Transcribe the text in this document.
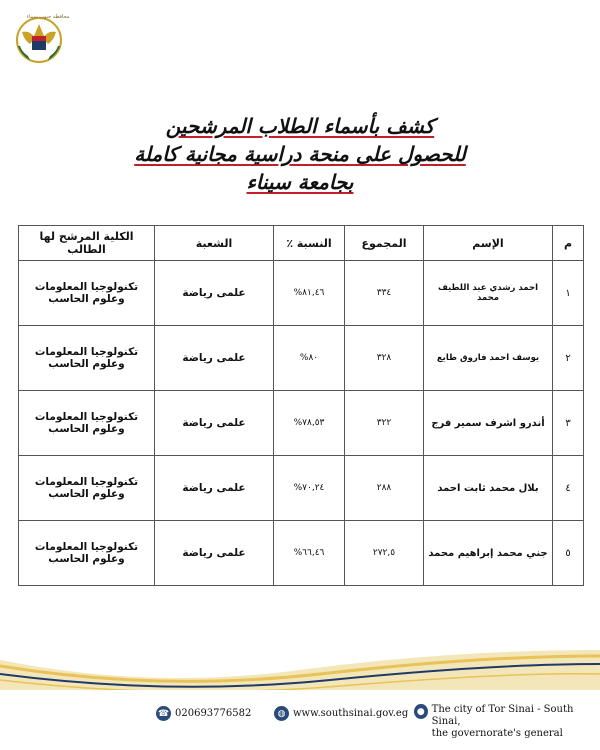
محافظة جنوب سيناء
كشف بأسماء الطلاب المرشحين
للحصول على منحة دراسية مجانية كاملة
بجامعة سيناء
م	الإسم	المجموع	النسبة ٪	الشعبة	الكلية المرشح لها الطالب
١	احمد رشدي عبد اللطيف محمد	٣٣٤	٨١,٤٦%	علمى رياضة	تكنولوجيا المعلومات وعلوم الحاسب
٢	يوسف احمد فاروق طايع	٣٢٨	٨٠%	علمى رياضة	تكنولوجيا المعلومات وعلوم الحاسب
٣	أندرو اشرف سمير فرج	٣٢٢	٧٨,٥٣%	علمى رياضة	تكنولوجيا المعلومات وعلوم الحاسب
٤	بلال محمد ثابت احمد	٢٨٨	٧٠,٢٤%	علمى رياضة	تكنولوجيا المعلومات وعلوم الحاسب
٥	جني محمد إبراهيم محمد	٢٧٢,٥	٦٦,٤٦%	علمى رياضة	تكنولوجيا المعلومات وعلوم الحاسب
☎ 020693776582	◍ www.southsinai.gov.eg ● The city of Tor Sinai - South Sinai,
the governorate's general
